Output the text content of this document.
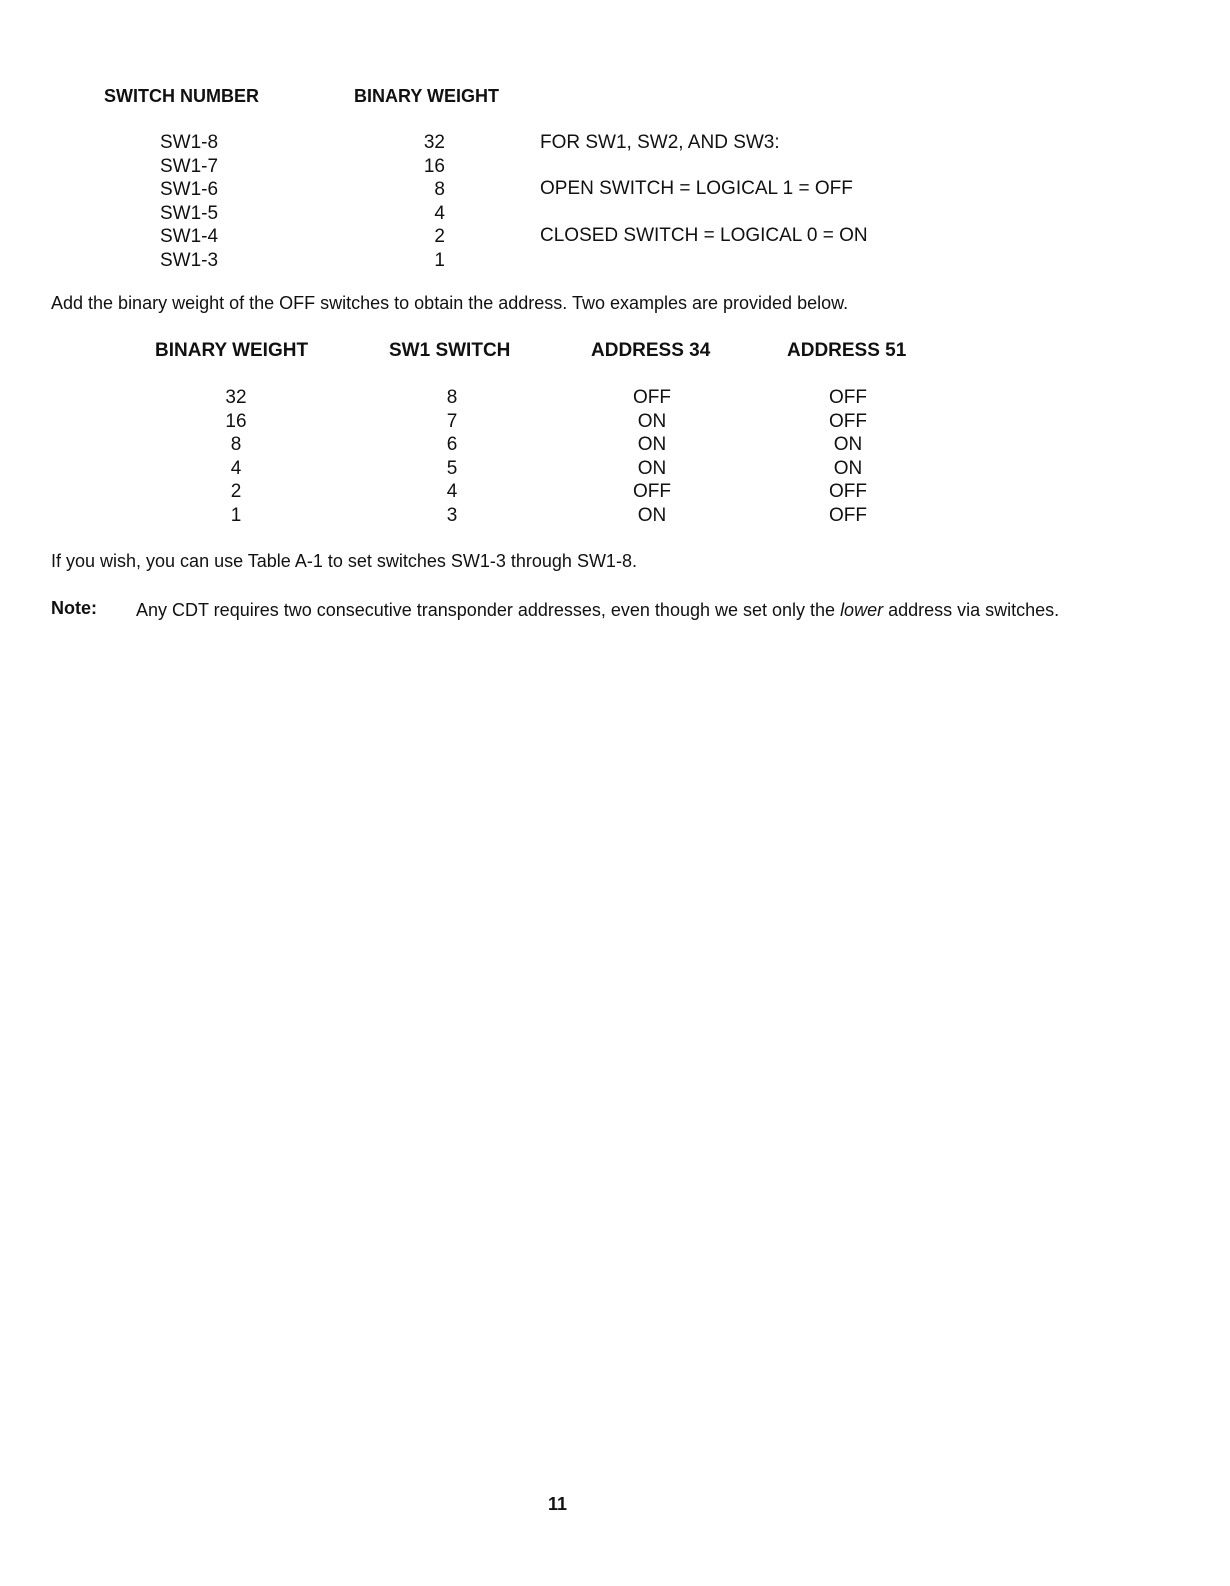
SWITCH NUMBER	BINARY WEIGHT
SW1-8	32
SW1-7	16
SW1-6	8
SW1-5	4
SW1-4	2
SW1-3	1
FOR SW1, SW2, AND SW3:
OPEN SWITCH = LOGICAL 1 = OFF
CLOSED SWITCH = LOGICAL 0 = ON
Add the binary weight of the OFF switches to obtain the address. Two examples are provided below.
BINARY WEIGHT	SW1 SWITCH	ADDRESS 34	ADDRESS 51
32	8	OFF	OFF
16	7	ON	OFF
8	6	ON	ON
4	5	ON	ON
2	4	OFF	OFF
1	3	ON	OFF
If you wish, you can use Table A-1 to set switches SW1-3 through SW1-8.
Note: Any CDT requires two consecutive transponder addresses, even though we set only the lower address via switches.
11
